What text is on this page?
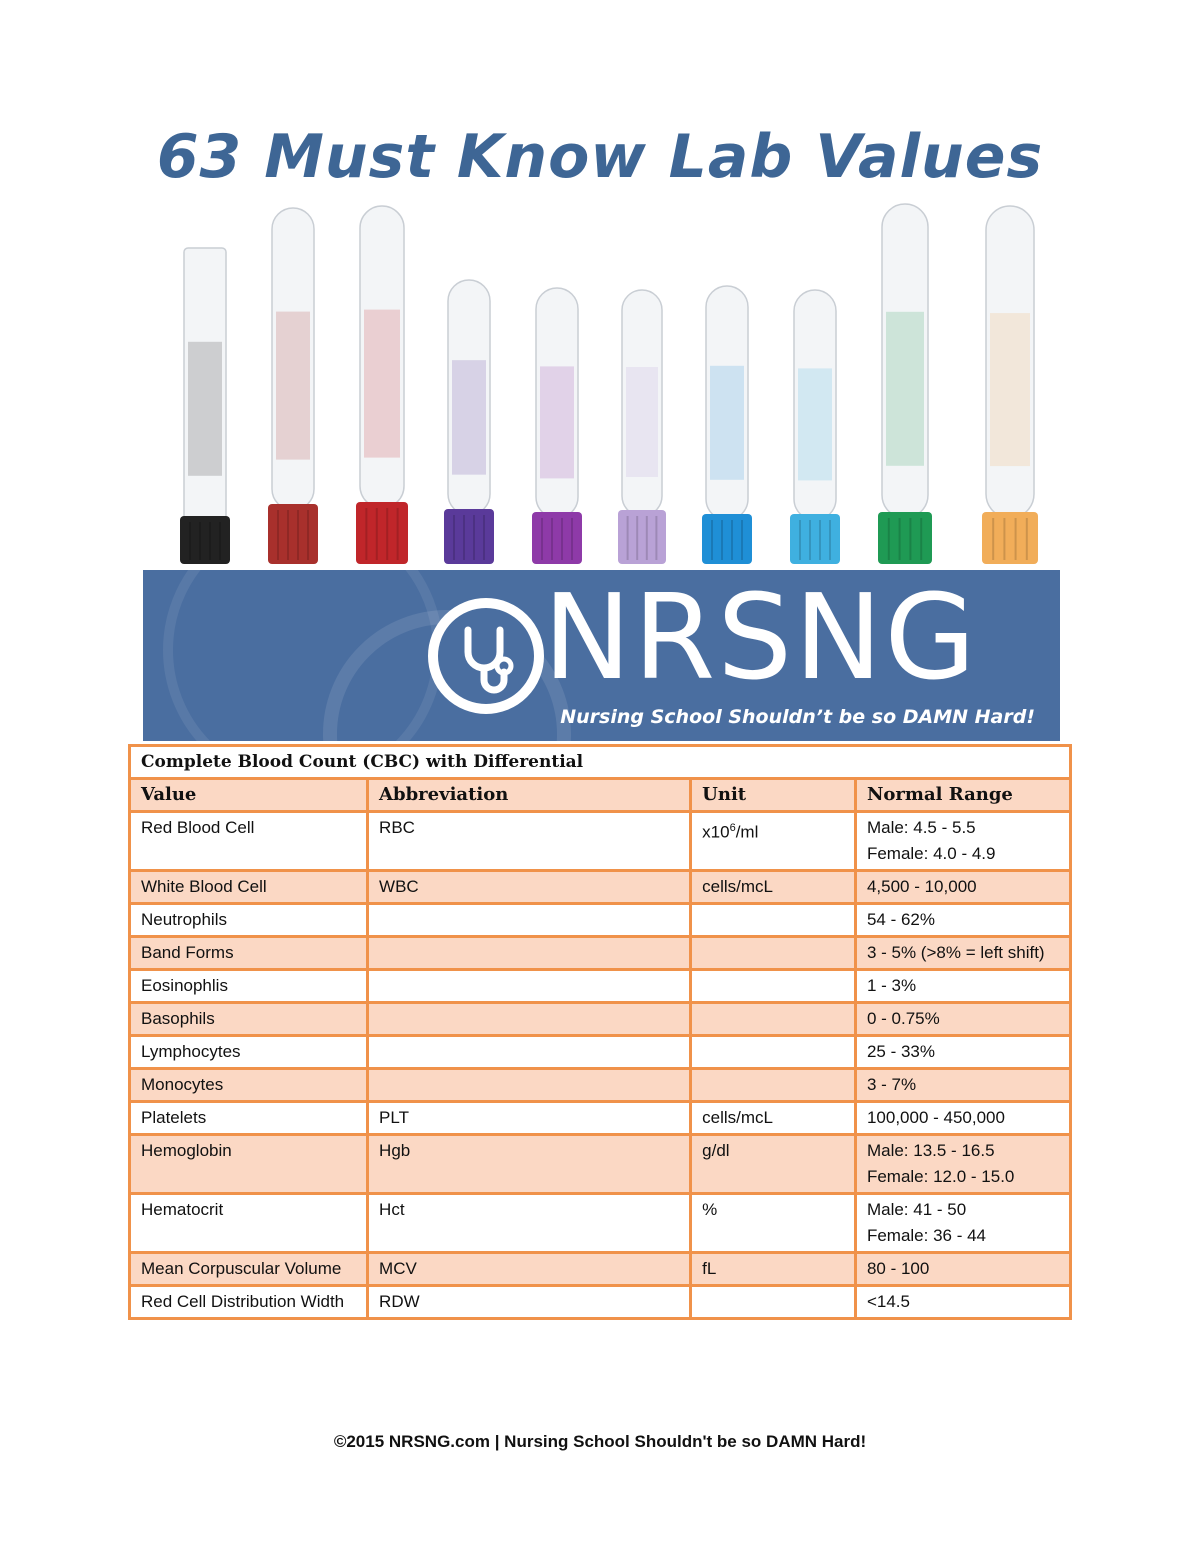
63 Must Know Lab Values
NRSNG
Nursing School Shouldn’t be so DAMN Hard!
Complete Blood Count (CBC) with Differential			
Value	Abbreviation	Unit	Normal Range
Red Blood Cell	RBC	$x10^6/ml$	Male: 4.5 - 5.5
Female: 4.0 - 4.9

White Blood Cell	WBC	cells/mcL	4,500 - 10,000

Neutrophils			54 - 62%

Band Forms			3 - 5% (>8% = left shift)

Eosinophlis			1 - 3%

Basophils			0 - 0.75%

Lymphocytes			25 - 33%

Monocytes			3 - 7%

Platelets	PLT	cells/mcL	100,000 - 450,000

Hemoglobin	Hgb	g/dl	Male: 13.5 - 16.5
Female: 12.0 - 15.0

Hematocrit	Hct	%	Male: 41 - 50
Female: 36 - 44

Mean Corpuscular Volume	MCV	fL	80 - 100

Red Cell Distribution Width	RDW		<14.5
©2015 NRSNG.com | Nursing School Shouldn't be so DAMN Hard!
